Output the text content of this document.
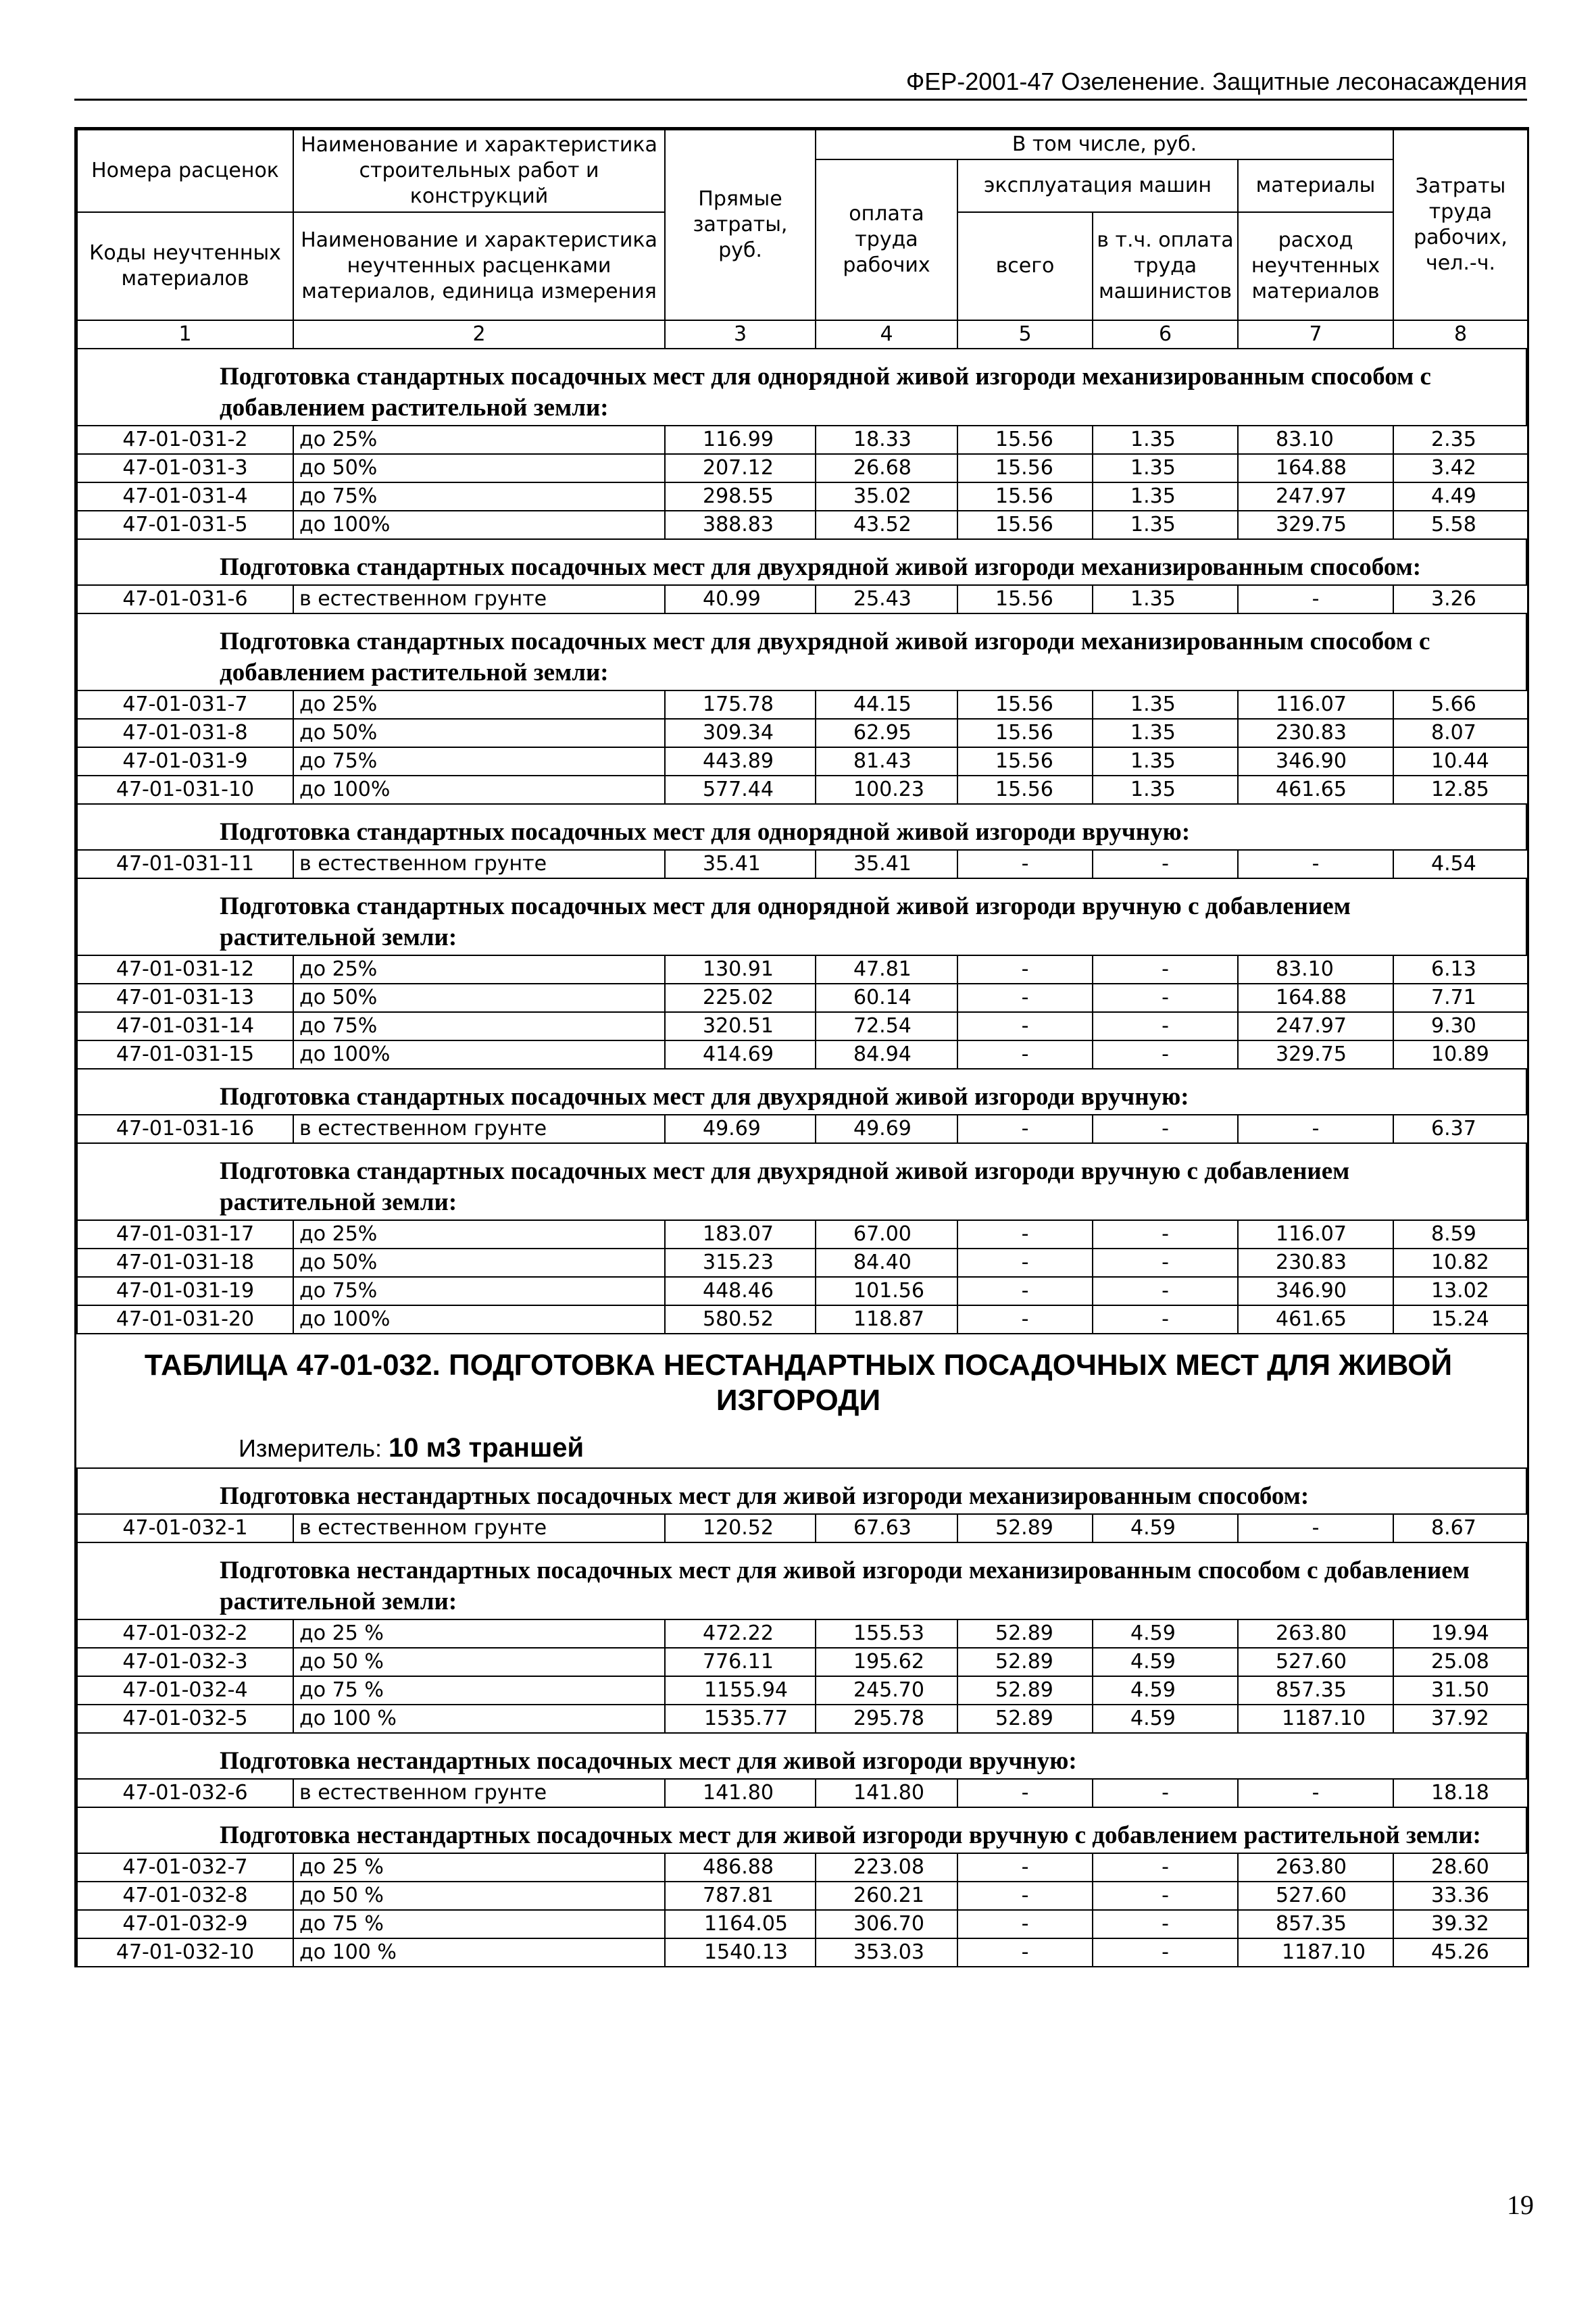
ФЕР-2001-47 Озеленение. Защитные лесонасаждения
Номера расценок	Наименование и характеристика строительных работ и конструкций	Прямые затраты, руб.	В том числе, руб.				Затраты труда рабочих, чел.-ч.
			оплата труда рабочих	эксплуатация машин		материалы	
Коды неучтенных материалов	Наименование и характеристика неучтенных расценками материалов, единица измерения			всего	в т.ч. оплата труда машинистов	расход неучтенных материалов	

1	2	3	4	5	6	7	8
Подготовка стандартных посадочных мест для однорядной живой изгороди механизированным способом с добавлением растительной земли:
47-01-031-2	до 25%	116.99	18.33	15.56	1.35	83.10	2.35
47-01-031-3	до 50%	207.12	26.68	15.56	1.35	164.88	3.42
47-01-031-4	до 75%	298.55	35.02	15.56	1.35	247.97	4.49
47-01-031-5	до 100%	388.83	43.52	15.56	1.35	329.75	5.58
Подготовка стандартных посадочных мест для двухрядной живой изгороди механизированным способом:
47-01-031-6	в естественном грунте	40.99	25.43	15.56	1.35	-	3.26
Подготовка стандартных посадочных мест для двухрядной живой изгороди механизированным способом с добавлением растительной земли:
47-01-031-7	до 25%	175.78	44.15	15.56	1.35	116.07	5.66
47-01-031-8	до 50%	309.34	62.95	15.56	1.35	230.83	8.07
47-01-031-9	до 75%	443.89	81.43	15.56	1.35	346.90	10.44
47-01-031-10	до 100%	577.44	100.23	15.56	1.35	461.65	12.85
Подготовка стандартных посадочных мест для однорядной живой изгороди вручную:
47-01-031-11	в естественном грунте	35.41	35.41	-	-	-	4.54
Подготовка стандартных посадочных мест для однорядной живой изгороди вручную с добавлением растительной земли:
47-01-031-12	до 25%	130.91	47.81	-	-	83.10	6.13
47-01-031-13	до 50%	225.02	60.14	-	-	164.88	7.71
47-01-031-14	до 75%	320.51	72.54	-	-	247.97	9.30
47-01-031-15	до 100%	414.69	84.94	-	-	329.75	10.89
Подготовка стандартных посадочных мест для двухрядной живой изгороди вручную:
47-01-031-16	в естественном грунте	49.69	49.69	-	-	-	6.37
Подготовка стандартных посадочных мест для двухрядной живой изгороди вручную с добавлением растительной земли:
47-01-031-17	до 25%	183.07	67.00	-	-	116.07	8.59
47-01-031-18	до 50%	315.23	84.40	-	-	230.83	10.82
47-01-031-19	до 75%	448.46	101.56	-	-	346.90	13.02
47-01-031-20	до 100%	580.52	118.87	-	-	461.65	15.24
ТАБЛИЦА 47-01-032. ПОДГОТОВКА НЕСТАНДАРТНЫХ ПОСАДОЧНЫХ МЕСТ ДЛЯ ЖИВОЙ ИЗГОРОДИ
Измеритель: 10 м3 траншей
Подготовка нестандартных посадочных мест для живой изгороди механизированным способом:
47-01-032-1	в естественном грунте	120.52	67.63	52.89	4.59	-	8.67
Подготовка нестандартных посадочных мест для живой изгороди механизированным способом с добавлением растительной земли:
47-01-032-2	до 25 %	472.22	155.53	52.89	4.59	263.80	19.94
47-01-032-3	до 50 %	776.11	195.62	52.89	4.59	527.60	25.08
47-01-032-4	до 75 %	1155.94	245.70	52.89	4.59	857.35	31.50
47-01-032-5	до 100 %	1535.77	295.78	52.89	4.59	1187.10	37.92
Подготовка нестандартных посадочных мест для живой изгороди вручную:
47-01-032-6	в естественном грунте	141.80	141.80	-	-	-	18.18
Подготовка нестандартных посадочных мест для живой изгороди вручную с добавлением растительной земли:
47-01-032-7	до 25 %	486.88	223.08	-	-	263.80	28.60
47-01-032-8	до 50 %	787.81	260.21	-	-	527.60	33.36
47-01-032-9	до 75 %	1164.05	306.70	-	-	857.35	39.32
47-01-032-10	до 100 %	1540.13	353.03	-	-	1187.10	45.26
19
